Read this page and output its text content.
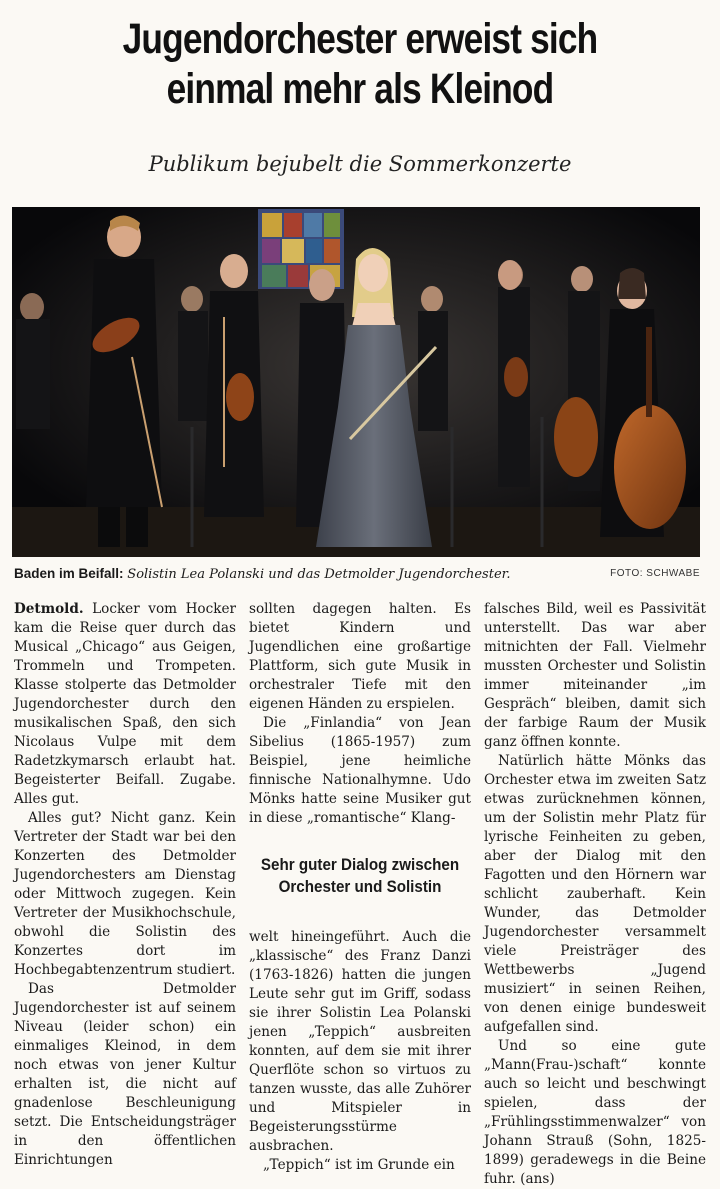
Jugendorchester erweist sich
einmal mehr als Kleinod
Publikum bejubelt die Sommerkonzerte
Baden im Beifall: Solistin Lea Polanski und das Detmolder Jugendorchester.	FOTO: SCHWABE

Detmold. Locker vom Hocker kam die Reise quer durch das Musical „Chicago“ aus Geigen, Trommeln und Trompeten. Klasse stolperte das Detmolder Jugendorchester durch den musikalischen Spaß, den sich Nicolaus Vulpe mit dem Radetzkymarsch erlaubt hat. Begeisterter Beifall. Zugabe. Alles gut.

Alles gut? Nicht ganz. Kein Vertreter der Stadt war bei den Konzerten des Detmolder Jugendorchesters am Dienstag oder Mittwoch zugegen. Kein Vertreter der Musikhochschule, obwohl die Solistin des Konzertes dort im Hochbegabtenzentrum studiert.

Das Detmolder Jugendorchester ist auf seinem Niveau (leider schon) ein einmaliges Kleinod, in dem noch etwas von jener Kultur erhalten ist, die nicht auf gnadenlose Beschleunigung setzt. Die Entscheidungsträger in den öffentlichen Einrichtungen

sollten dagegen halten. Es bietet Kindern und Jugendlichen eine großartige Plattform, sich gute Musik in orchestraler Tiefe mit den eigenen Händen zu erspielen.

Die „Finlandia“ von Jean Sibelius (1865-1957) zum Beispiel, jene heimliche finnische Nationalhymne. Udo Mönks hatte seine Musiker gut in diese „romantische“ Klang-

Sehr guter Dialog zwischen Orchester und Solistin

welt hineingeführt. Auch die „klassische“ des Franz Danzi (1763-1826) hatten die jungen Leute sehr gut im Griff, sodass sie ihrer Solistin Lea Polanski jenen „Teppich“ ausbreiten konnten, auf dem sie mit ihrer Querflöte schon so virtuos zu tanzen wusste, das alle Zuhörer und Mitspieler in Begeisterungsstürme ausbrachen.

„Teppich“ ist im Grunde ein

falsches Bild, weil es Passivität unterstellt. Das war aber mitnichten der Fall. Vielmehr mussten Orchester und Solistin immer miteinander „im Gespräch“ bleiben, damit sich der farbige Raum der Musik ganz öffnen konnte.

Natürlich hätte Mönks das Orchester etwa im zweiten Satz etwas zurücknehmen können, um der Solistin mehr Platz für lyrische Feinheiten zu geben, aber der Dialog mit den Fagotten und den Hörnern war schlicht zauberhaft. Kein Wunder, das Detmolder Jugendorchester versammelt viele Preisträger des Wettbewerbs „Jugend musiziert“ in seinen Reihen, von denen einige bundesweit aufgefallen sind.

Und so eine gute „Mann(Frau-)schaft“ konnte auch so leicht und beschwingt spielen, dass der „Frühlingsstimmenwalzer“ von Johann Strauß (Sohn, 1825-1899) geradewegs in die Beine fuhr. (ans)
